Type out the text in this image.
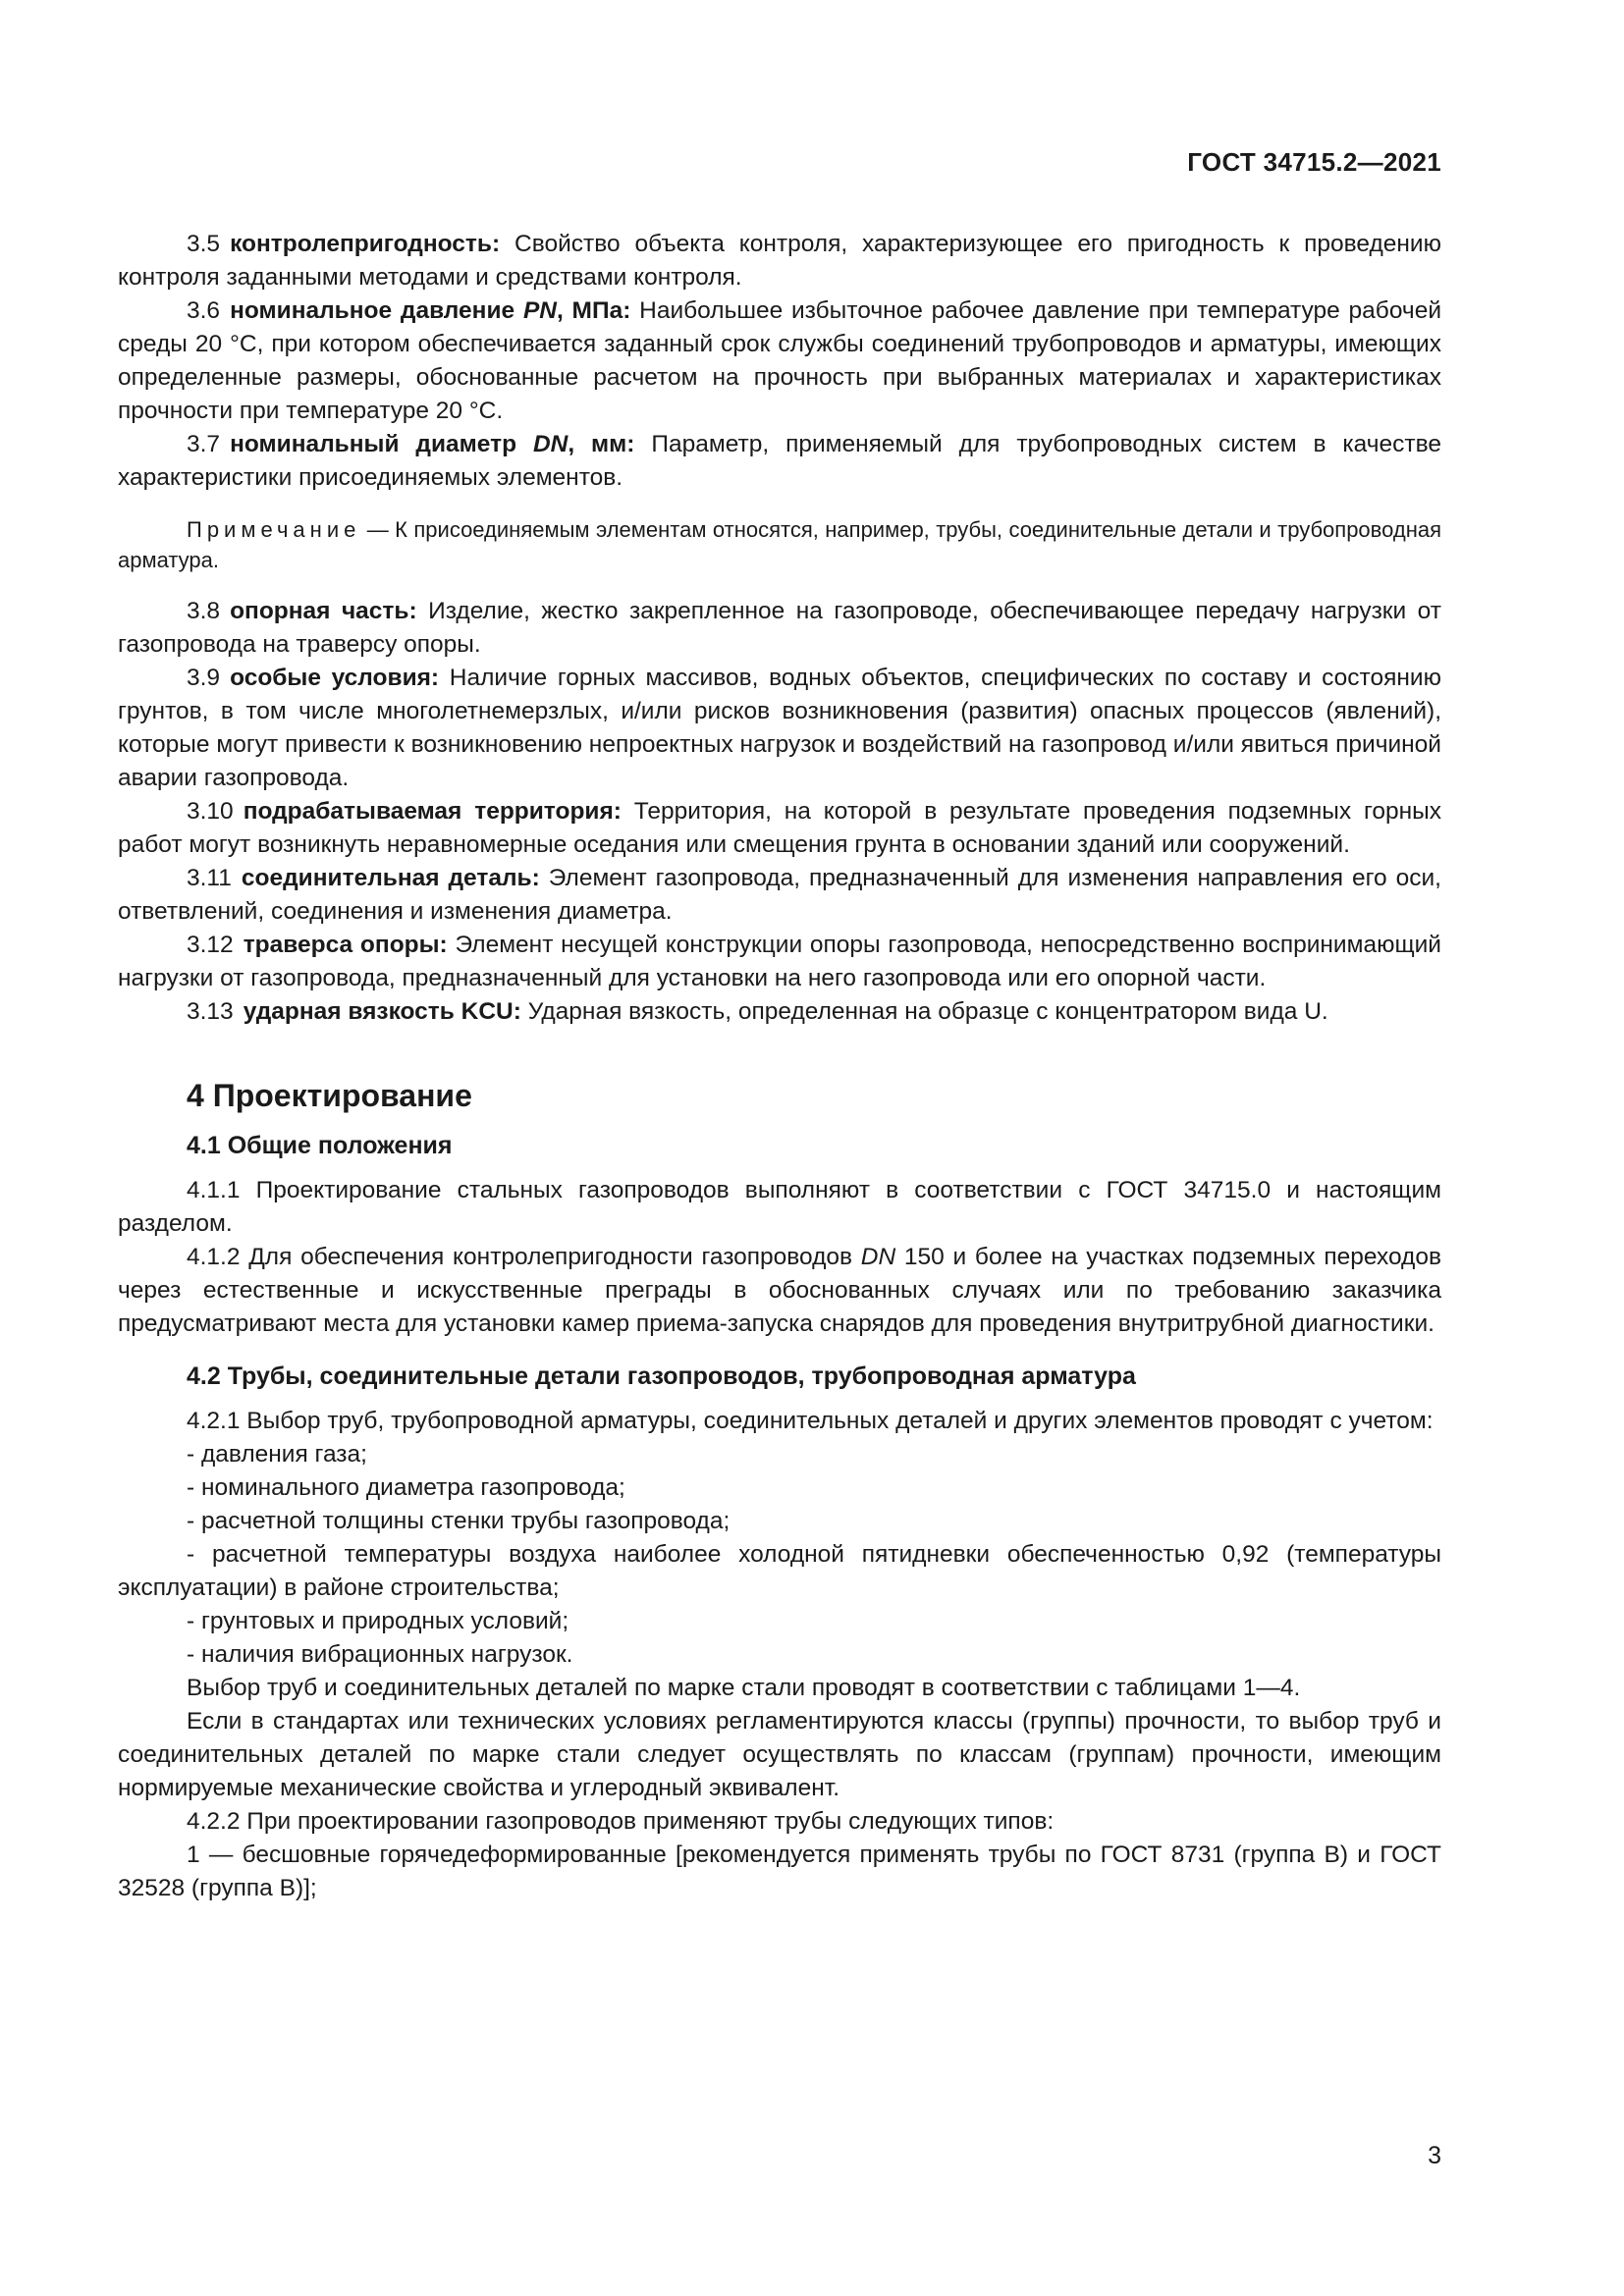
ГОСТ 34715.2—2021

3.5 контролепригодность: Свойство объекта контроля, характеризующее его пригодность к проведению контроля заданными методами и средствами контроля.

3.6 номинальное давление PN, МПа: Наибольшее избыточное рабочее давление при температуре рабочей среды 20 °С, при котором обеспечивается заданный срок службы соединений трубопроводов и арматуры, имеющих определенные размеры, обоснованные расчетом на прочность при выбранных материалах и характеристиках прочности при температуре 20 °С.

3.7 номинальный диаметр DN, мм: Параметр, применяемый для трубопроводных систем в качестве характеристики присоединяемых элементов.

Примечание — К присоединяемым элементам относятся, например, трубы, соединительные детали и трубопроводная арматура.

3.8 опорная часть: Изделие, жестко закрепленное на газопроводе, обеспечивающее передачу нагрузки от газопровода на траверсу опоры.

3.9 особые условия: Наличие горных массивов, водных объектов, специфических по составу и состоянию грунтов, в том числе многолетнемерзлых, и/или рисков возникновения (развития) опасных процессов (явлений), которые могут привести к возникновению непроектных нагрузок и воздействий на газопровод и/или явиться причиной аварии газопровода.

3.10 подрабатываемая территория: Территория, на которой в результате проведения подземных горных работ могут возникнуть неравномерные оседания или смещения грунта в основании зданий или сооружений.

3.11 соединительная деталь: Элемент газопровода, предназначенный для изменения направления его оси, ответвлений, соединения и изменения диаметра.

3.12 траверса опоры: Элемент несущей конструкции опоры газопровода, непосредственно воспринимающий нагрузки от газопровода, предназначенный для установки на него газопровода или его опорной части.

3.13 ударная вязкость KCU: Ударная вязкость, определенная на образце с концентратором вида U.

4 Проектирование
4.1 Общие положения

4.1.1 Проектирование стальных газопроводов выполняют в соответствии с ГОСТ 34715.0 и настоящим разделом.

4.1.2 Для обеспечения контролепригодности газопроводов DN 150 и более на участках подземных переходов через естественные и искусственные преграды в обоснованных случаях или по требованию заказчика предусматривают места для установки камер приема-запуска снарядов для проведения внутритрубной диагностики.

4.2 Трубы, соединительные детали газопроводов, трубопроводная арматура

4.2.1 Выбор труб, трубопроводной арматуры, соединительных деталей и других элементов проводят с учетом:

- давления газа;
- номинального диаметра газопровода;
- расчетной толщины стенки трубы газопровода;

- расчетной температуры воздуха наиболее холодной пятидневки обеспеченностью 0,92 (температуры эксплуатации) в районе строительства;

- грунтовых и природных условий;
- наличия вибрационных нагрузок.

Выбор труб и соединительных деталей по марке стали проводят в соответствии с таблицами 1—4.

Если в стандартах или технических условиях регламентируются классы (группы) прочности, то выбор труб и соединительных деталей по марке стали следует осуществлять по классам (группам) прочности, имеющим нормируемые механические свойства и углеродный эквивалент.

4.2.2 При проектировании газопроводов применяют трубы следующих типов:

1 — бесшовные горячедеформированные [рекомендуется применять трубы по ГОСТ 8731 (группа В) и ГОСТ 32528 (группа В)];

3
